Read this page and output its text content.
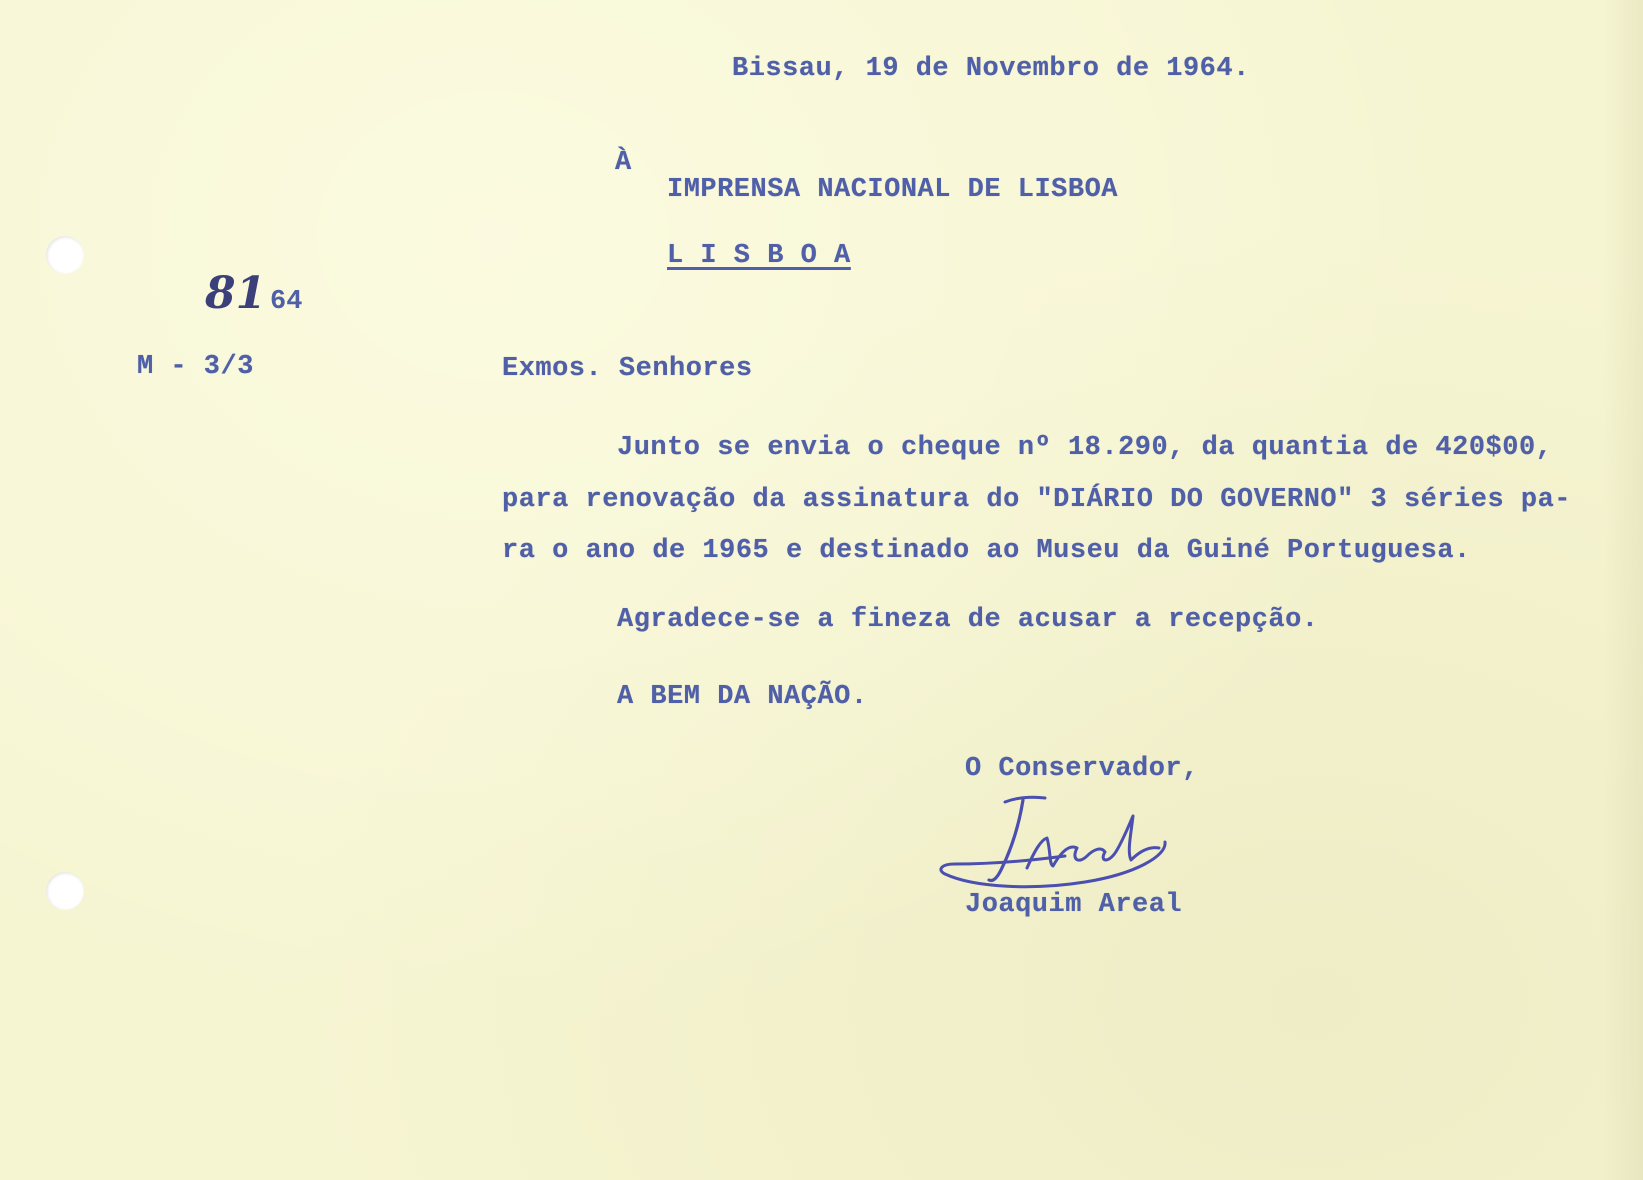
Bissau, 19 de Novembro de 1964.
À
IMPRENSA NACIONAL DE LISBOA
L I S B O A
81 64
M - 3/3	Exmos. Senhores
Junto se envia o cheque nº 18.290, da quantia de 420$00,
para renovação da assinatura do "DIÁRIO DO GOVERNO" 3 séries pa-
ra o ano de 1965 e destinado ao Museu da Guiné Portuguesa.
Agradece-se a fineza de acusar a recepção.
A BEM DA NAÇÃO.
O Conservador,
Joaquim Areal
